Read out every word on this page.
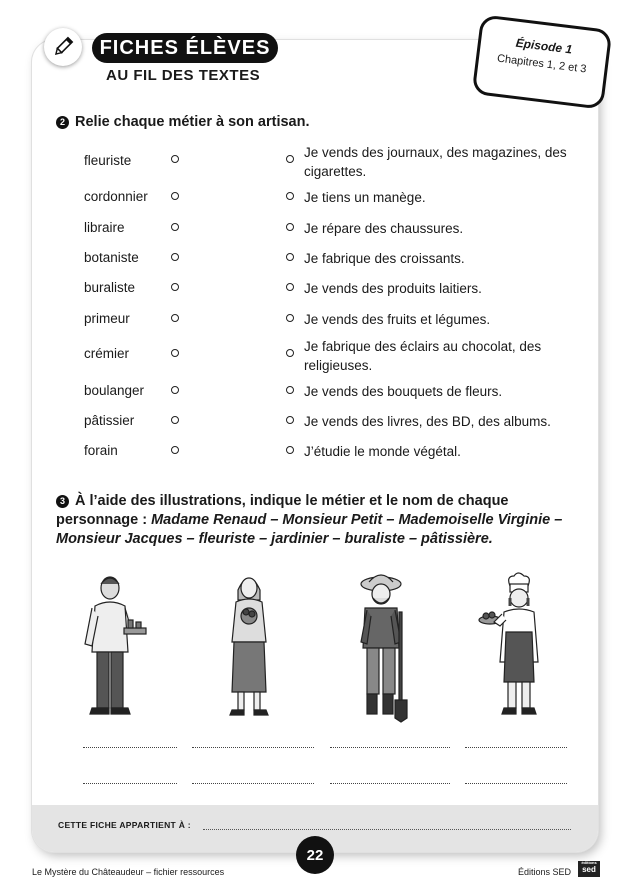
FICHES ÉLÈVES
AU FIL DES TEXTES
Épisode 1
Chapitres 1, 2 et 3
2 Relie chaque métier à son artisan.
fleuriste
cordonnier
libraire
botaniste
buraliste
primeur
crémier
boulanger
pâtissier
forain
Je vends des journaux, des magazines, des cigarettes.
Je tiens un manège.
Je répare des chaussures.
Je fabrique des croissants.
Je vends des produits laitiers.
Je vends des fruits et légumes.
Je fabrique des éclairs au chocolat, des religieuses.
Je vends des bouquets de fleurs.
Je vends des livres, des BD, des albums.
J’étudie le monde végétal.
3 À l’aide des illustrations, indique le métier et le nom de chaque personnage : Madame Renaud – Monsieur Petit – Mademoiselle Virginie – Monsieur Jacques – fleuriste – jardinier – buraliste – pâtissière.
CETTE FICHE APPARTIENT À :
22
Le Mystère du Châteaudeur – fichier ressources	Éditions SED
éditions
sed
